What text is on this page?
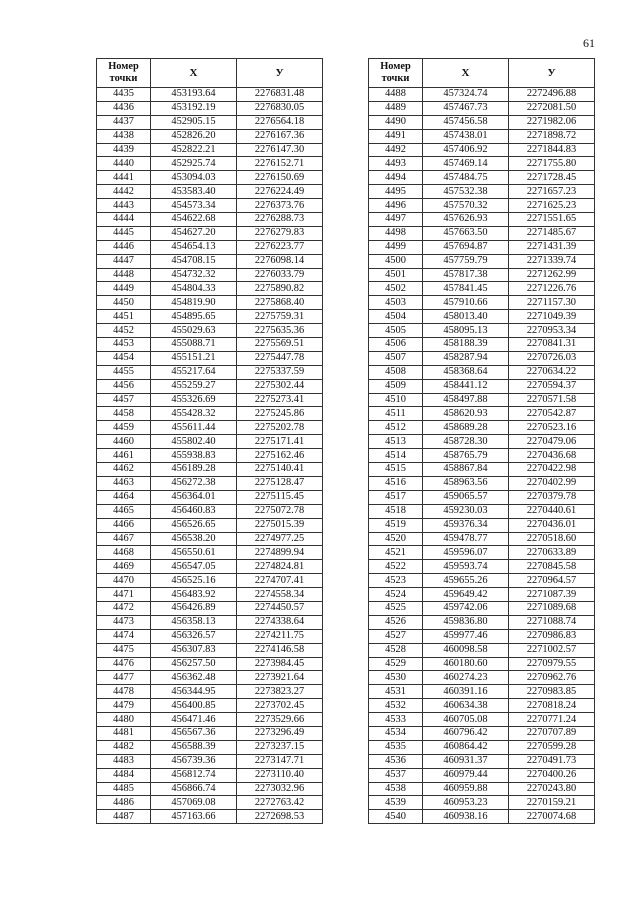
61
Номер
точки	X	У
4435	453193.64	2276831.48
4436	453192.19	2276830.05
4437	452905.15	2276564.18
4438	452826.20	2276167.36
4439	452822.21	2276147.30
4440	452925.74	2276152.71
4441	453094.03	2276150.69
4442	453583.40	2276224.49
4443	454573.34	2276373.76
4444	454622.68	2276288.73
4445	454627.20	2276279.83
4446	454654.13	2276223.77
4447	454708.15	2276098.14
4448	454732.32	2276033.79
4449	454804.33	2275890.82
4450	454819.90	2275868.40
4451	454895.65	2275759.31
4452	455029.63	2275635.36
4453	455088.71	2275569.51
4454	455151.21	2275447.78
4455	455217.64	2275337.59
4456	455259.27	2275302.44
4457	455326.69	2275273.41
4458	455428.32	2275245.86
4459	455611.44	2275202.78
4460	455802.40	2275171.41
4461	455938.83	2275162.46
4462	456189.28	2275140.41
4463	456272.38	2275128.47
4464	456364.01	2275115.45
4465	456460.83	2275072.78
4466	456526.65	2275015.39
4467	456538.20	2274977.25
4468	456550.61	2274899.94
4469	456547.05	2274824.81
4470	456525.16	2274707.41
4471	456483.92	2274558.34
4472	456426.89	2274450.57
4473	456358.13	2274338.64
4474	456326.57	2274211.75
4475	456307.83	2274146.58
4476	456257.50	2273984.45
4477	456362.48	2273921.64
4478	456344.95	2273823.27
4479	456400.85	2273702.45
4480	456471.46	2273529.66
4481	456567.36	2273296.49
4482	456588.39	2273237.15
4483	456739.36	2273147.71
4484	456812.74	2273110.40
4485	456866.74	2273032.96
4486	457069.08	2272763.42
4487	457163.66	2272698.53
Номер
точки	X	У
4488	457324.74	2272496.88
4489	457467.73	2272081.50
4490	457456.58	2271982.06
4491	457438.01	2271898.72
4492	457406.92	2271844.83
4493	457469.14	2271755.80
4494	457484.75	2271728.45
4495	457532.38	2271657.23
4496	457570.32	2271625.23
4497	457626.93	2271551.65
4498	457663.50	2271485.67
4499	457694.87	2271431.39
4500	457759.79	2271339.74
4501	457817.38	2271262.99
4502	457841.45	2271226.76
4503	457910.66	2271157.30
4504	458013.40	2271049.39
4505	458095.13	2270953.34
4506	458188.39	2270841.31
4507	458287.94	2270726.03
4508	458368.64	2270634.22
4509	458441.12	2270594.37
4510	458497.88	2270571.58
4511	458620.93	2270542.87
4512	458689.28	2270523.16
4513	458728.30	2270479.06
4514	458765.79	2270436.68
4515	458867.84	2270422.98
4516	458963.56	2270402.99
4517	459065.57	2270379.78
4518	459230.03	2270440.61
4519	459376.34	2270436.01
4520	459478.77	2270518.60
4521	459596.07	2270633.89
4522	459593.74	2270845.58
4523	459655.26	2270964.57
4524	459649.42	2271087.39
4525	459742.06	2271089.68
4526	459836.80	2271088.74
4527	459977.46	2270986.83
4528	460098.58	2271002.57
4529	460180.60	2270979.55
4530	460274.23	2270962.76
4531	460391.16	2270983.85
4532	460634.38	2270818.24
4533	460705.08	2270771.24
4534	460796.42	2270707.89
4535	460864.42	2270599.28
4536	460931.37	2270491.73
4537	460979.44	2270400.26
4538	460959.88	2270243.80
4539	460953.23	2270159.21
4540	460938.16	2270074.68
